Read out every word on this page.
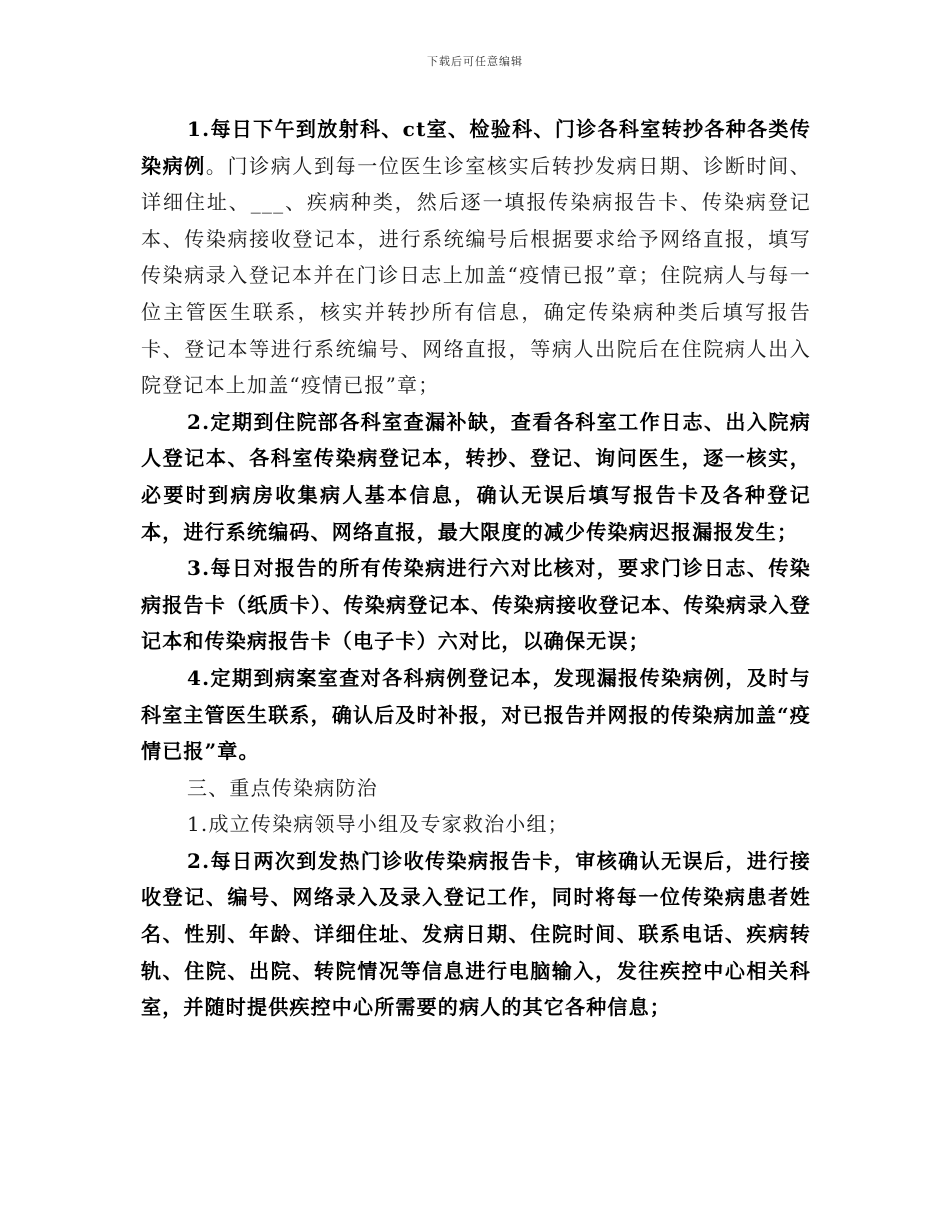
下载后可任意编辑

1.每日下午到放射科、ct室、检验科、门诊各科室转抄各种各类传染病例。门诊病人到每一位医生诊室核实后转抄发病日期、诊断时间、详细住址、___、疾病种类，然后逐一填报传染病报告卡、传染病登记本、传染病接收登记本，进行系统编号后根据要求给予网络直报，填写传染病录入登记本并在门诊日志上加盖“疫情已报”章；住院病人与每一位主管医生联系，核实并转抄所有信息，确定传染病种类后填写报告卡、登记本等进行系统编号、网络直报，等病人出院后在住院病人出入院登记本上加盖“疫情已报”章；

2.定期到住院部各科室查漏补缺，查看各科室工作日志、出入院病人登记本、各科室传染病登记本，转抄、登记、询问医生，逐一核实，必要时到病房收集病人基本信息，确认无误后填写报告卡及各种登记本，进行系统编码、网络直报，最大限度的减少传染病迟报漏报发生；

3.每日对报告的所有传染病进行六对比核对，要求门诊日志、传染病报告卡（纸质卡）、传染病登记本、传染病接收登记本、传染病录入登记本和传染病报告卡（电子卡）六对比，以确保无误；

4.定期到病案室查对各科病例登记本，发现漏报传染病例，及时与科室主管医生联系，确认后及时补报，对已报告并网报的传染病加盖“疫情已报”章。

三、重点传染病防治

1.成立传染病领导小组及专家救治小组；

2.每日两次到发热门诊收传染病报告卡，审核确认无误后，进行接收登记、编号、网络录入及录入登记工作，同时将每一位传染病患者姓名、性别、年龄、详细住址、发病日期、住院时间、联系电话、疾病转轨、住院、出院、转院情况等信息进行电脑输入，发往疾控中心相关科室，并随时提供疾控中心所需要的病人的其它各种信息；
